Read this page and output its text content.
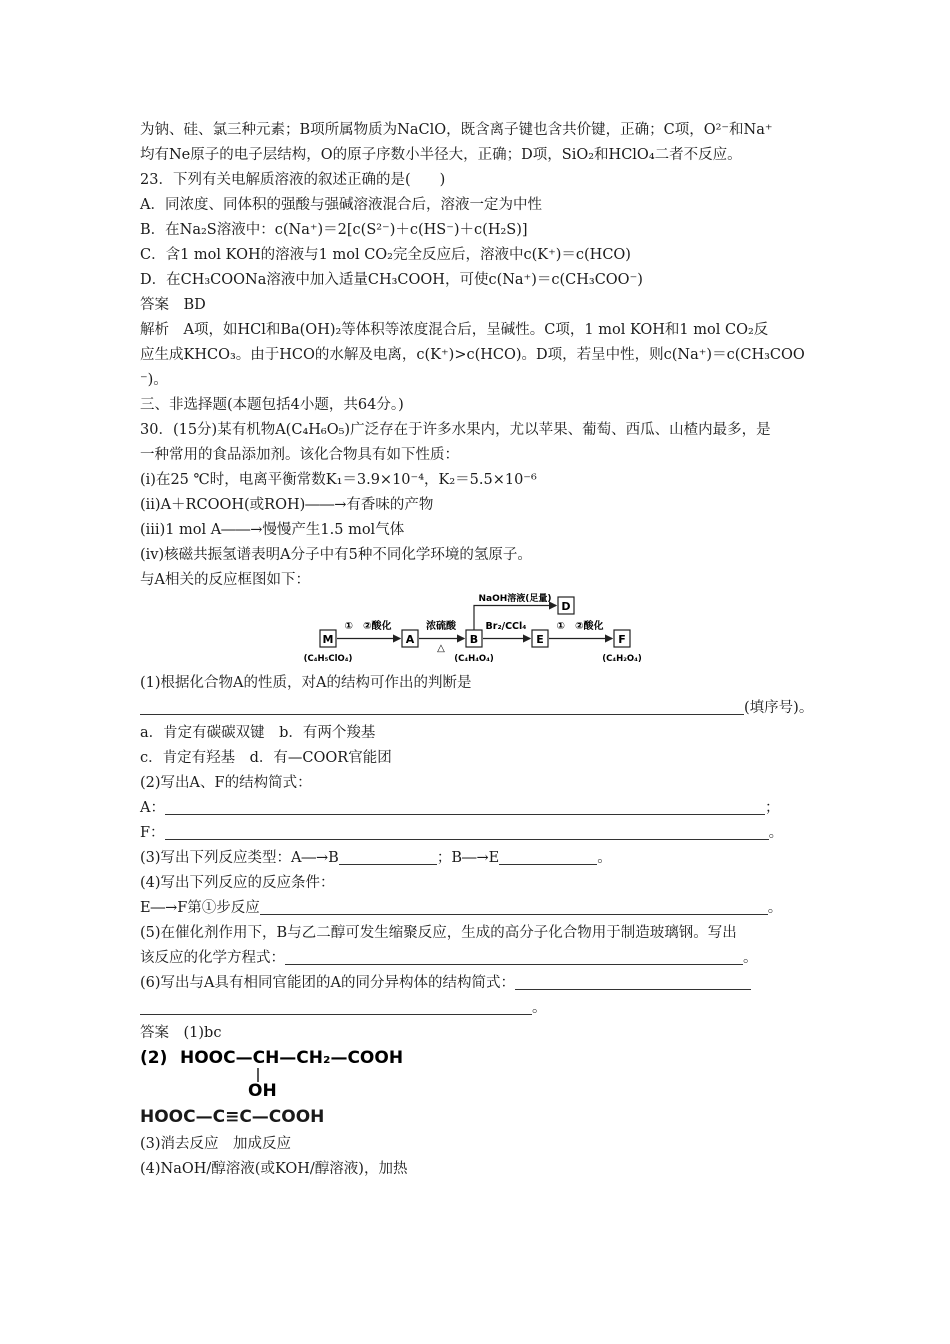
为钠、硅、氯三种元素；B项所属物质为NaClO，既含离子键也含共价键，正确；C项，O²⁻和Na⁺
均有Ne原子的电子层结构，O的原子序数小半径大，正确；D项，SiO₂和HClO₄二者不反应。
23．下列有关电解质溶液的叙述正确的是(　　)
A．同浓度、同体积的强酸与强碱溶液混合后，溶液一定为中性
B．在Na₂S溶液中：c(Na⁺)＝2[c(S²⁻)＋c(HS⁻)＋c(H₂S)]
C．含1 mol KOH的溶液与1 mol CO₂完全反应后，溶液中c(K⁺)＝c(HCO)
D．在CH₃COONa溶液中加入适量CH₃COOH，可使c(Na⁺)＝c(CH₃COO⁻)
答案　BD
解析　A项，如HCl和Ba(OH)₂等体积等浓度混合后，呈碱性。C项，1 mol KOH和1 mol CO₂反
应生成KHCO₃。由于HCO的水解及电离，c(K⁺)>c(HCO)。D项，若呈中性，则c(Na⁺)＝c(CH₃COO
⁻)。
三、非选择题(本题包括4小题，共64分。)
30．(15分)某有机物A(C₄H₆O₅)广泛存在于许多水果内，尤以苹果、葡萄、西瓜、山楂内最多，是
一种常用的食品添加剂。该化合物具有如下性质：
(ⅰ)在25 ℃时，电离平衡常数K₁＝3.9×10⁻⁴，K₂＝5.5×10⁻⁶
(ⅱ)A＋RCOOH(或ROH)――→有香味的产物
(ⅲ)1 mol A――→慢慢产生1.5 mol气体
(ⅳ)核磁共振氢谱表明A分子中有5种不同化学环境的氢原子。
与A相关的反应框图如下：
M	A	B	E	F
D
①　②酸化	浓硫酸
△
Br₂/CCl₄	①　②酸化
NaOH溶液(足量)
(C₄H₅ClO₄)	(C₄H₄O₄)	(C₄H₂O₄)
(1)根据化合物A的性质，对A的结构可作出的判断是
(填序号)。
a．肯定有碳碳双键　b．有两个羧基
c．肯定有羟基　d．有—COOR官能团
(2)写出A、F的结构简式：
A：	；
F：	。
(3)写出下列反应类型：A―→B	；B―→E	。
(4)写出下列反应的反应条件：
E―→F第①步反应	。
(5)在催化剂作用下，B与乙二醇可发生缩聚反应，生成的高分子化合物用于制造玻璃钢。写出
该反应的化学方程式：	。
(6)写出与A具有相同官能团的A的同分异构体的结构简式：
。
答案　(1)bc
(2) HOOC—CH—CH₂—COOH
OH
HOOC—C≡C—COOH
(3)消去反应　加成反应
(4)NaOH/醇溶液(或KOH/醇溶液)，加热
